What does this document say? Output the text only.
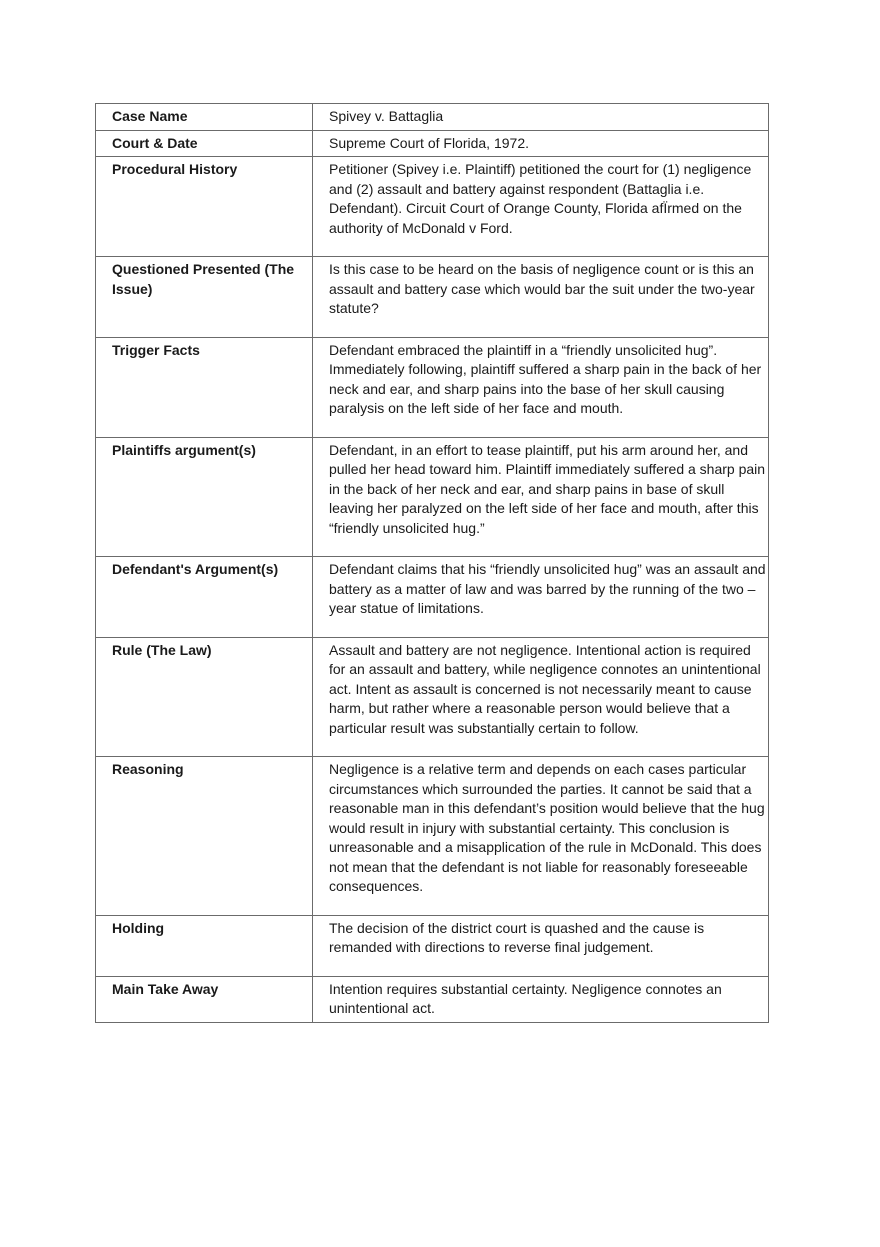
Case Name	Spivey v. Battaglia
Court & Date	Supreme Court of Florida, 1972.
Procedural History	Petitioner (Spivey i.e. Plaintiff) petitioned the court for (1) negligence and (2) assault and battery against respondent (Battaglia i.e. Defendant). Circuit Court of Orange County, Florida afÏrmed on the authority of McDonald v Ford.
Questioned Presented (The Issue)	Is this case to be heard on the basis of negligence count or is this an assault and battery case which would bar the suit under the two-year statute?
Trigger Facts	Defendant embraced the plaintiff in a “friendly unsolicited hug”. Immediately following, plaintiff suffered a sharp pain in the back of her neck and ear, and sharp pains into the base of her skull causing paralysis on the left side of her face and mouth.
Plaintiffs argument(s)	Defendant, in an effort to tease plaintiff, put his arm around her, and pulled her head toward him. Plaintiff immediately suffered a sharp pain in the back of her neck and ear, and sharp pains in base of skull leaving her paralyzed on the left side of her face and mouth, after this “friendly unsolicited hug.”
Defendant's Argument(s)	Defendant claims that his “friendly unsolicited hug” was an assault and battery as a matter of law and was barred by the running of the two – year statue of limitations.
Rule (The Law)	Assault and battery are not negligence. Intentional action is required for an assault and battery, while negligence connotes an unintentional act. Intent as assault is concerned is not necessarily meant to cause harm, but rather where a reasonable person would believe that a particular result was substantially certain to follow.
Reasoning	Negligence is a relative term and depends on each cases particular circumstances which surrounded the parties. It cannot be said that a reasonable man in this defendant’s position would believe that the hug would result in injury with substantial certainty. This conclusion is unreasonable and a misapplication of the rule in McDonald. This does not mean that the defendant is not liable for reasonably foreseeable consequences.
Holding	The decision of the district court is quashed and the cause is remanded with directions to reverse final judgement.
Main Take Away	Intention requires substantial certainty. Negligence connotes an unintentional act.
